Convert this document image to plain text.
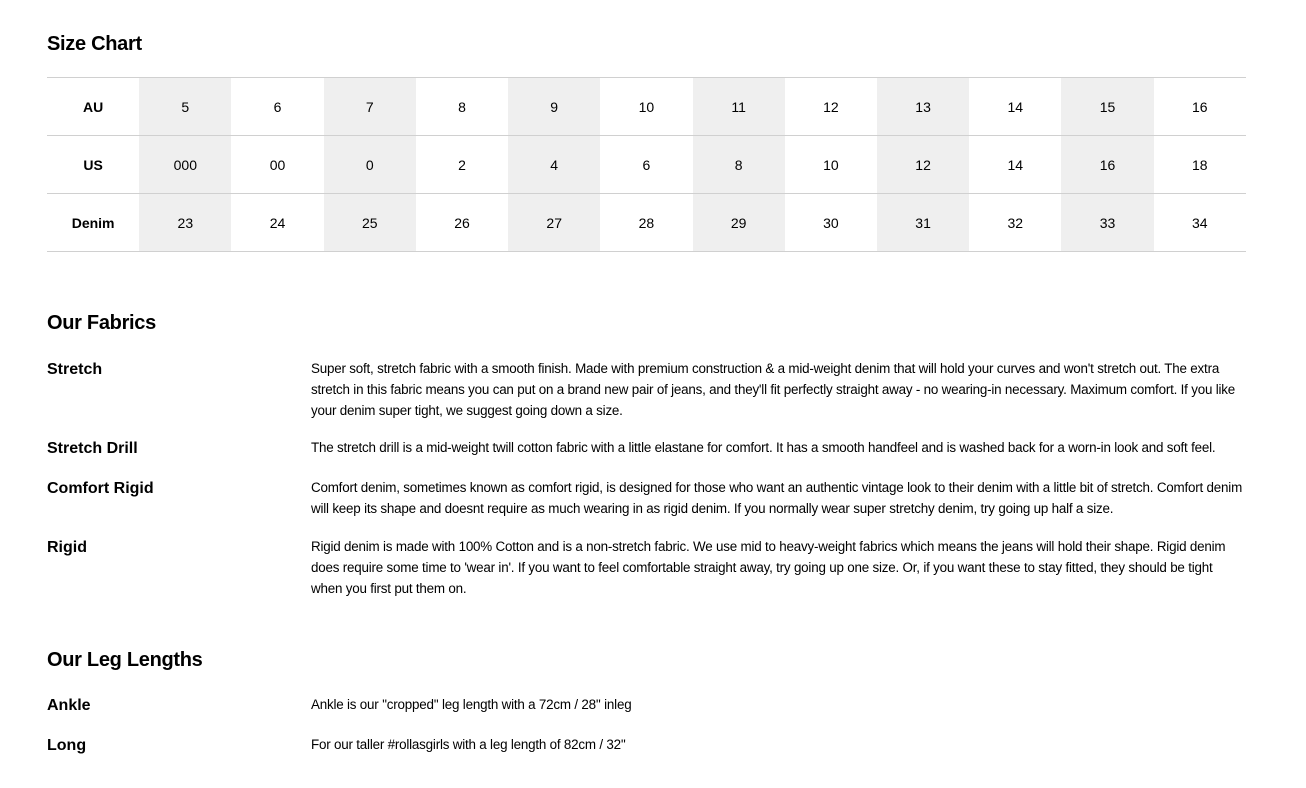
Size Chart
AU	5	6	7	8	9	10	11	12	13	14	15	16
US	000	00	0	2	4	6	8	10	12	14	16	18
Denim	23	24	25	26	27	28	29	30	31	32	33	34
Our Fabrics
Stretch	Super soft, stretch fabric with a smooth finish. Made with premium construction & a mid-weight denim that will hold your curves and won't stretch out. The extra stretch in this fabric means you can put on a brand new pair of jeans, and they'll fit perfectly straight away - no wearing-in necessary. Maximum comfort. If you like your denim super tight, we suggest going down a size.
Stretch Drill	The stretch drill is a mid-weight twill cotton fabric with a little elastane for comfort. It has a smooth handfeel and is washed back for a worn-in look and soft feel.
Comfort Rigid	Comfort denim, sometimes known as comfort rigid, is designed for those who want an authentic vintage look to their denim with a little bit of stretch. Comfort denim will keep its shape and doesnt require as much wearing in as rigid denim. If you normally wear super stretchy denim, try going up half a size.
Rigid	Rigid denim is made with 100% Cotton and is a non-stretch fabric. We use mid to heavy-weight fabrics which means the jeans will hold their shape. Rigid denim does require some time to 'wear in'. If you want to feel comfortable straight away, try going up one size. Or, if you want these to stay fitted, they should be tight when you first put them on.
Our Leg Lengths
Ankle	Ankle is our ''cropped'' leg length with a 72cm / 28'' inleg
Long	For our taller #rollasgirls with a leg length of 82cm / 32''
